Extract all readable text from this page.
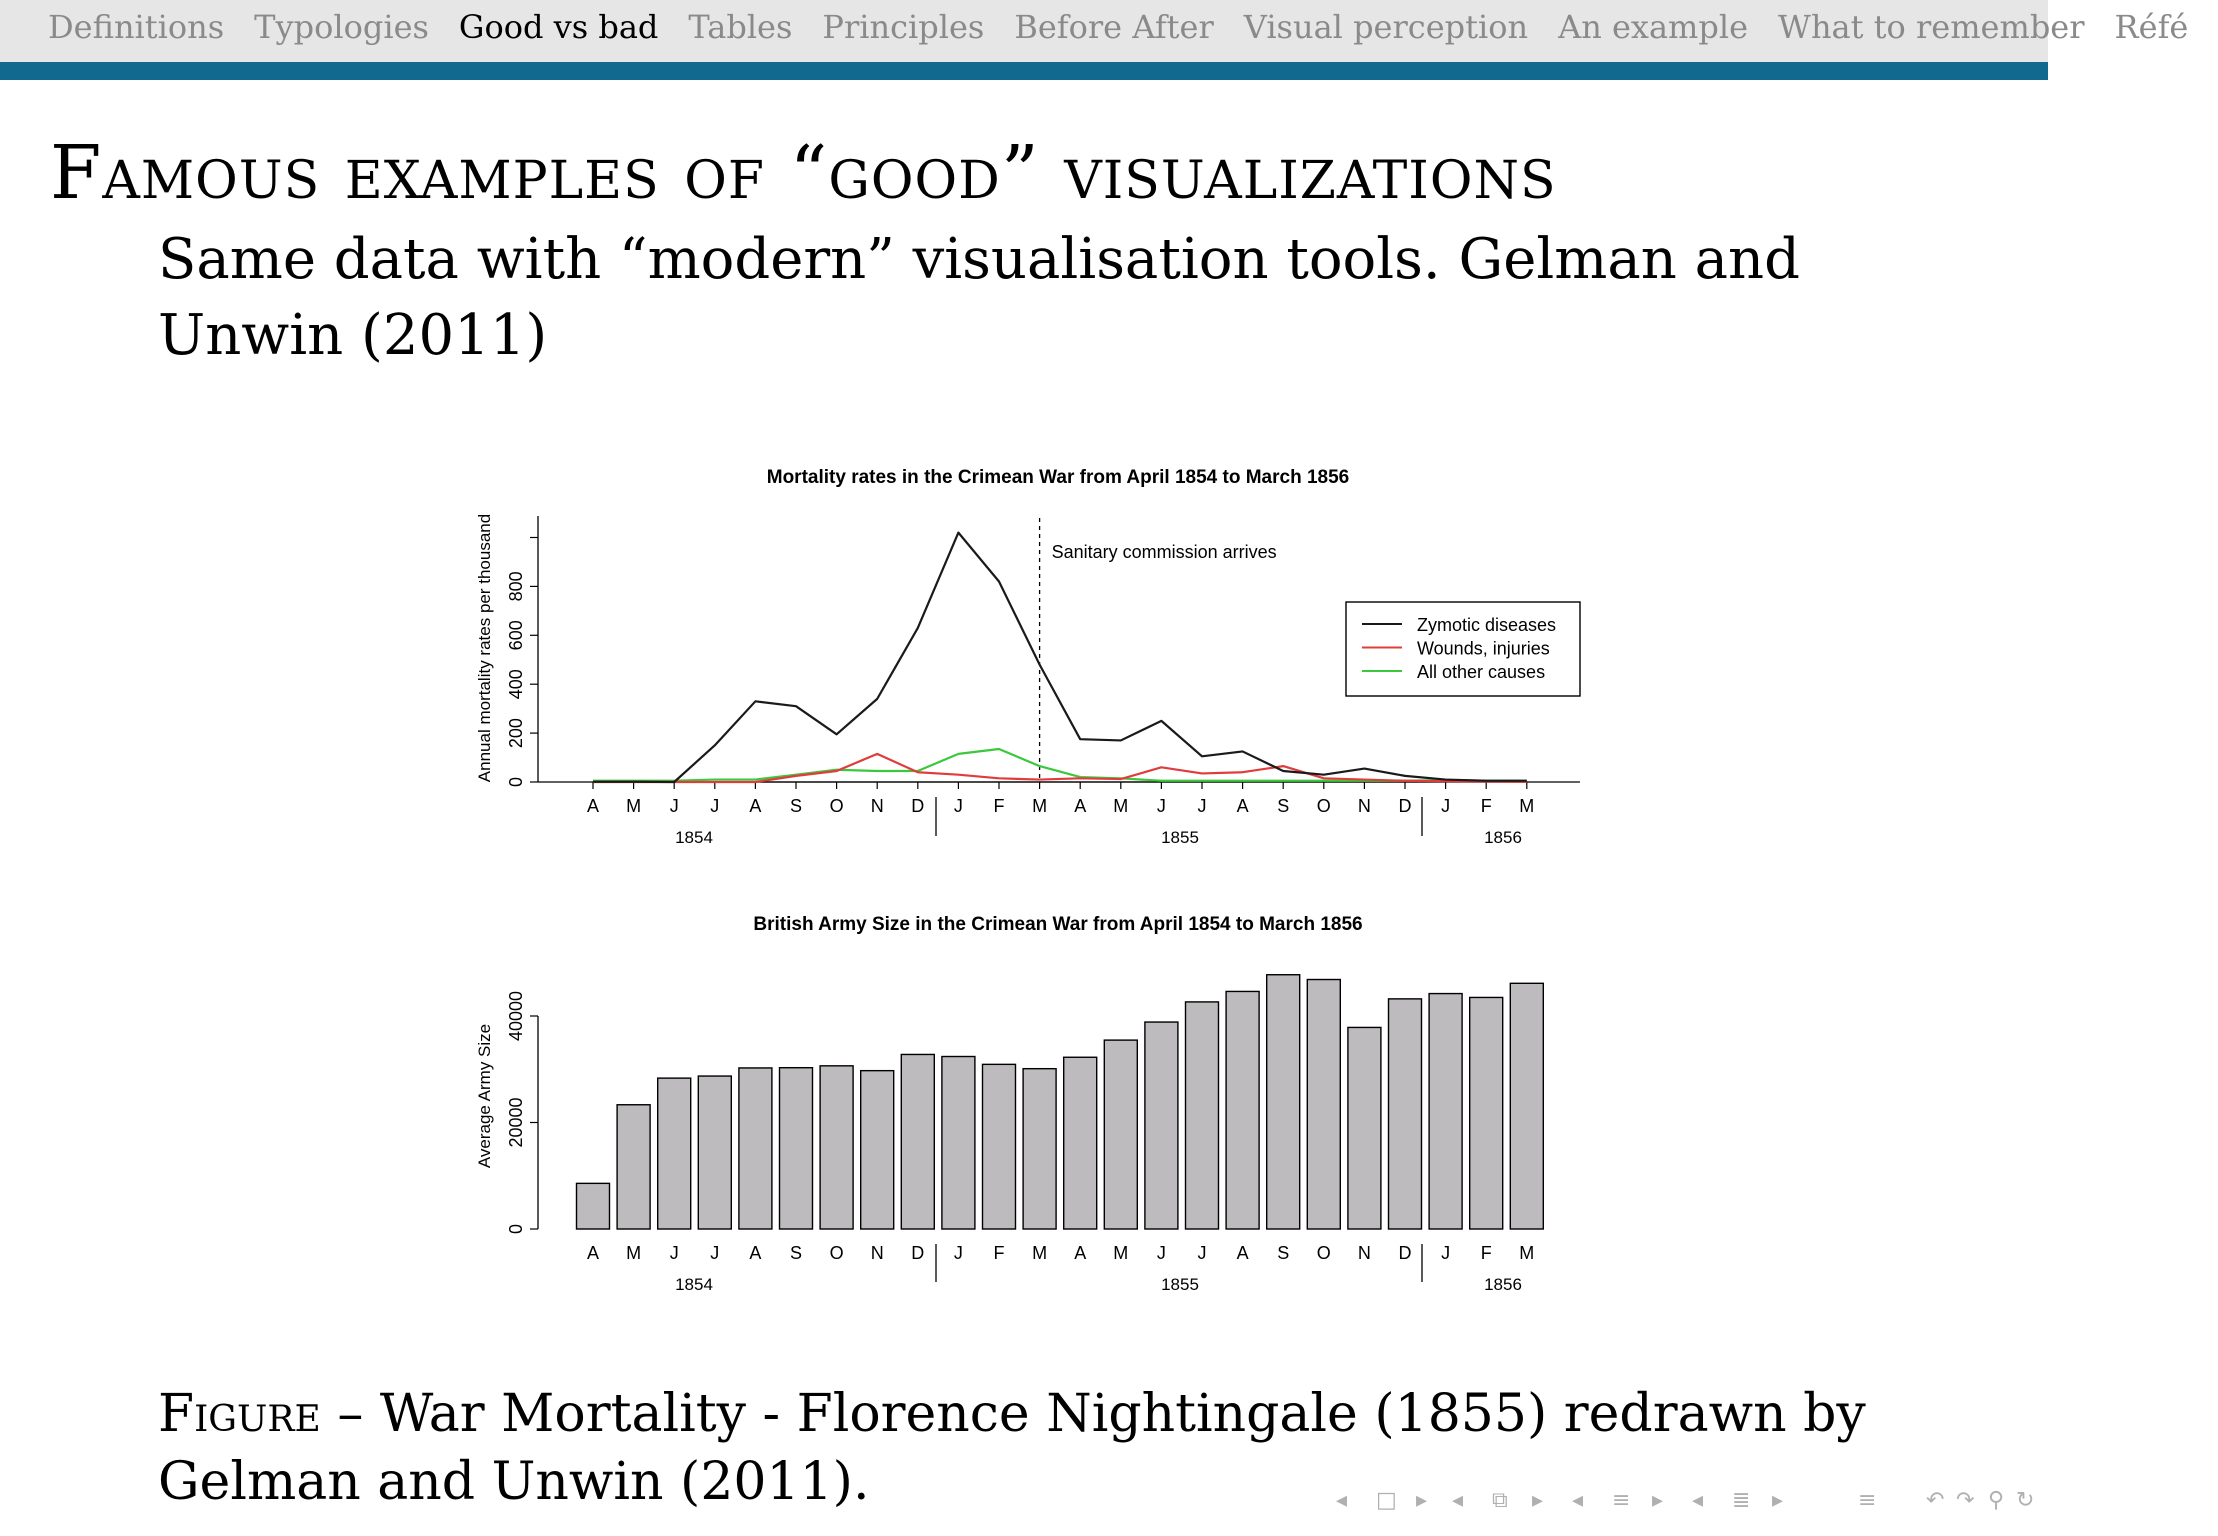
Definitions Typologies Good vs bad Tables Principles Before After Visual perception An example What to remember Réfé
Famous examples of “good” visualizations
Same data with “modern” visualisation tools. Gelman and Unwin (2011)
Mortality rates in the Crimean War from April 1854 to March 1856
0
200
400
600
800
Annual mortality rates per thousand
A M J J A S O N D J F M A M J J A S O N D J F M
1854	1855	1856
Sanitary commission arrives
Zymotic diseases
Wounds, injuries
All other causes
British Army Size in the Crimean War from April 1854 to March 1856
0
20000
40000
Average Army Size
A M J J A S O N D J F M A M J J A S O N D J F M
1854	1855	1856
Figure – War Mortality - Florence Nightingale (1855) redrawn by Gelman and Unwin (2011).	◂ □ ▸ ◂ ⧉ ▸ ◂ ≡ ▸ ◂ ≣ ▸	≡ ↶ ↷ ⚲ ↻
